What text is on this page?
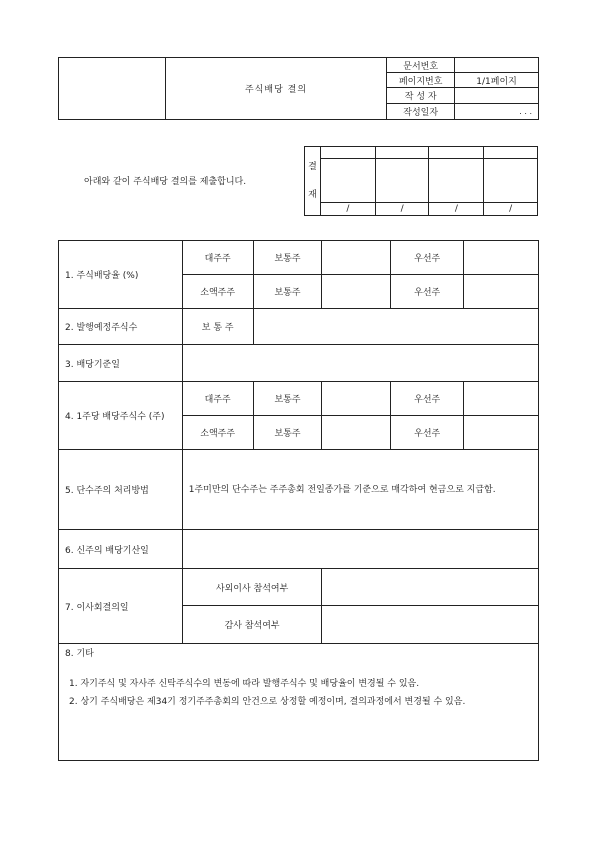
	주식배당 결의	문서번호	
		페이지번호	1/1페이지
		작 성 자	
		작성일자	. . .
아래와 같이 주식배당 결의를 제출합니다.
결
재				

	/	/	/	/
1. 주식배당율 (%)	대주주	보통주		우선주	
	소액주주	보통주		우선주	
2. 발행예정주식수	보 통 주				
3. 배당기준일					
4. 1주당 배당주식수 (주)	대주주	보통주		우선주	
	소액주주	보통주		우선주	
5. 단수주의 처리방법	1주미만의 단수주는 주주총회 전일종가를 기준으로 매각하여 현금으로 지급함.				
6. 신주의 배당기산일					
7. 이사회결의일	사외이사 참석여부				
	감사 참석여부				

8. 기타
1. 자기주식 및 자사주 신탁주식수의 변동에 따라 발행주식수 및 배당율이 변경될 수 있음.
2. 상기 주식배당은 제34기 정기주주총회의 안건으로 상정할 예정이며, 결의과정에서 변경될 수 있음.					
